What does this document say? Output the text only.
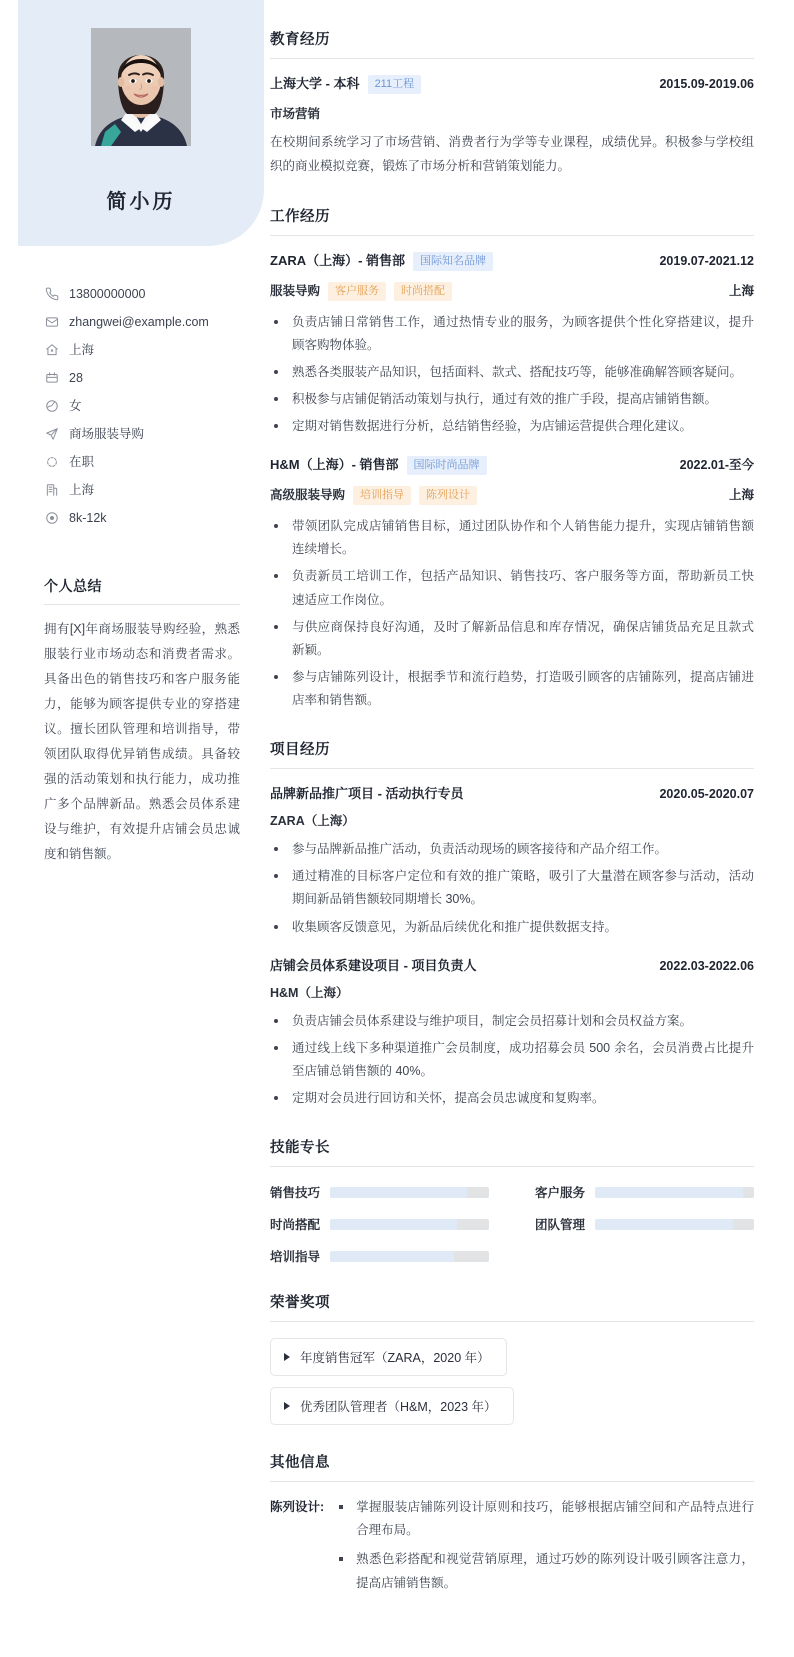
简小历
13800000000
zhangwei@example.com
上海
28
女
商场服装导购
在职
上海
8k-12k
个人总结

拥有[X]年商场服装导购经验，熟悉服装行业市场动态和消费者需求。具备出色的销售技巧和客户服务能力，能够为顾客提供专业的穿搭建议。擅长团队管理和培训指导，带领团队取得优异销售成绩。具备较强的活动策划和执行能力，成功推广多个品牌新品。熟悉会员体系建设与维护，有效提升店铺会员忠诚度和销售额。

教育经历
上海大学 - 本科	211工程	2015.09-2019.06
市场营销

在校期间系统学习了市场营销、消费者行为学等专业课程，成绩优异。积极参与学校组织的商业模拟竞赛，锻炼了市场分析和营销策划能力。

工作经历
ZARA（上海）- 销售部	国际知名品牌	2019.07-2021.12
服装导购	客户服务	时尚搭配	上海
负责店铺日常销售工作，通过热情专业的服务，为顾客提供个性化穿搭建议，提升顾客购物体验。
熟悉各类服装产品知识，包括面料、款式、搭配技巧等，能够准确解答顾客疑问。
积极参与店铺促销活动策划与执行，通过有效的推广手段，提高店铺销售额。
定期对销售数据进行分析，总结销售经验，为店铺运营提供合理化建议。
H&M（上海）- 销售部	国际时尚品牌	2022.01-至今
高级服装导购	培训指导	陈列设计	上海
带领团队完成店铺销售目标，通过团队协作和个人销售能力提升，实现店铺销售额连续增长。
负责新员工培训工作，包括产品知识、销售技巧、客户服务等方面，帮助新员工快速适应工作岗位。
与供应商保持良好沟通，及时了解新品信息和库存情况，确保店铺货品充足且款式新颖。
参与店铺陈列设计，根据季节和流行趋势，打造吸引顾客的店铺陈列，提高店铺进店率和销售额。
项目经历
品牌新品推广项目 - 活动执行专员	2020.05-2020.07
ZARA（上海）
参与品牌新品推广活动，负责活动现场的顾客接待和产品介绍工作。
通过精准的目标客户定位和有效的推广策略，吸引了大量潜在顾客参与活动，活动期间新品销售额较同期增长 30%。
收集顾客反馈意见，为新品后续优化和推广提供数据支持。
店铺会员体系建设项目 - 项目负责人	2022.03-2022.06
H&M（上海）
负责店铺会员体系建设与维护项目，制定会员招募计划和会员权益方案。
通过线上线下多种渠道推广会员制度，成功招募会员 500 余名，会员消费占比提升至店铺总销售额的 40%。
定期对会员进行回访和关怀，提高会员忠诚度和复购率。
技能专长
销售技巧	客户服务
时尚搭配	团队管理
培训指导
荣誉奖项
年度销售冠军（ZARA，2020 年）
优秀团队管理者（H&M，2023 年）
其他信息
陈列设计:	掌握服装店铺陈列设计原则和技巧，能够根据店铺空间和产品特点进行合理布局。
熟悉色彩搭配和视觉营销原理，通过巧妙的陈列设计吸引顾客注意力，提高店铺销售额。
